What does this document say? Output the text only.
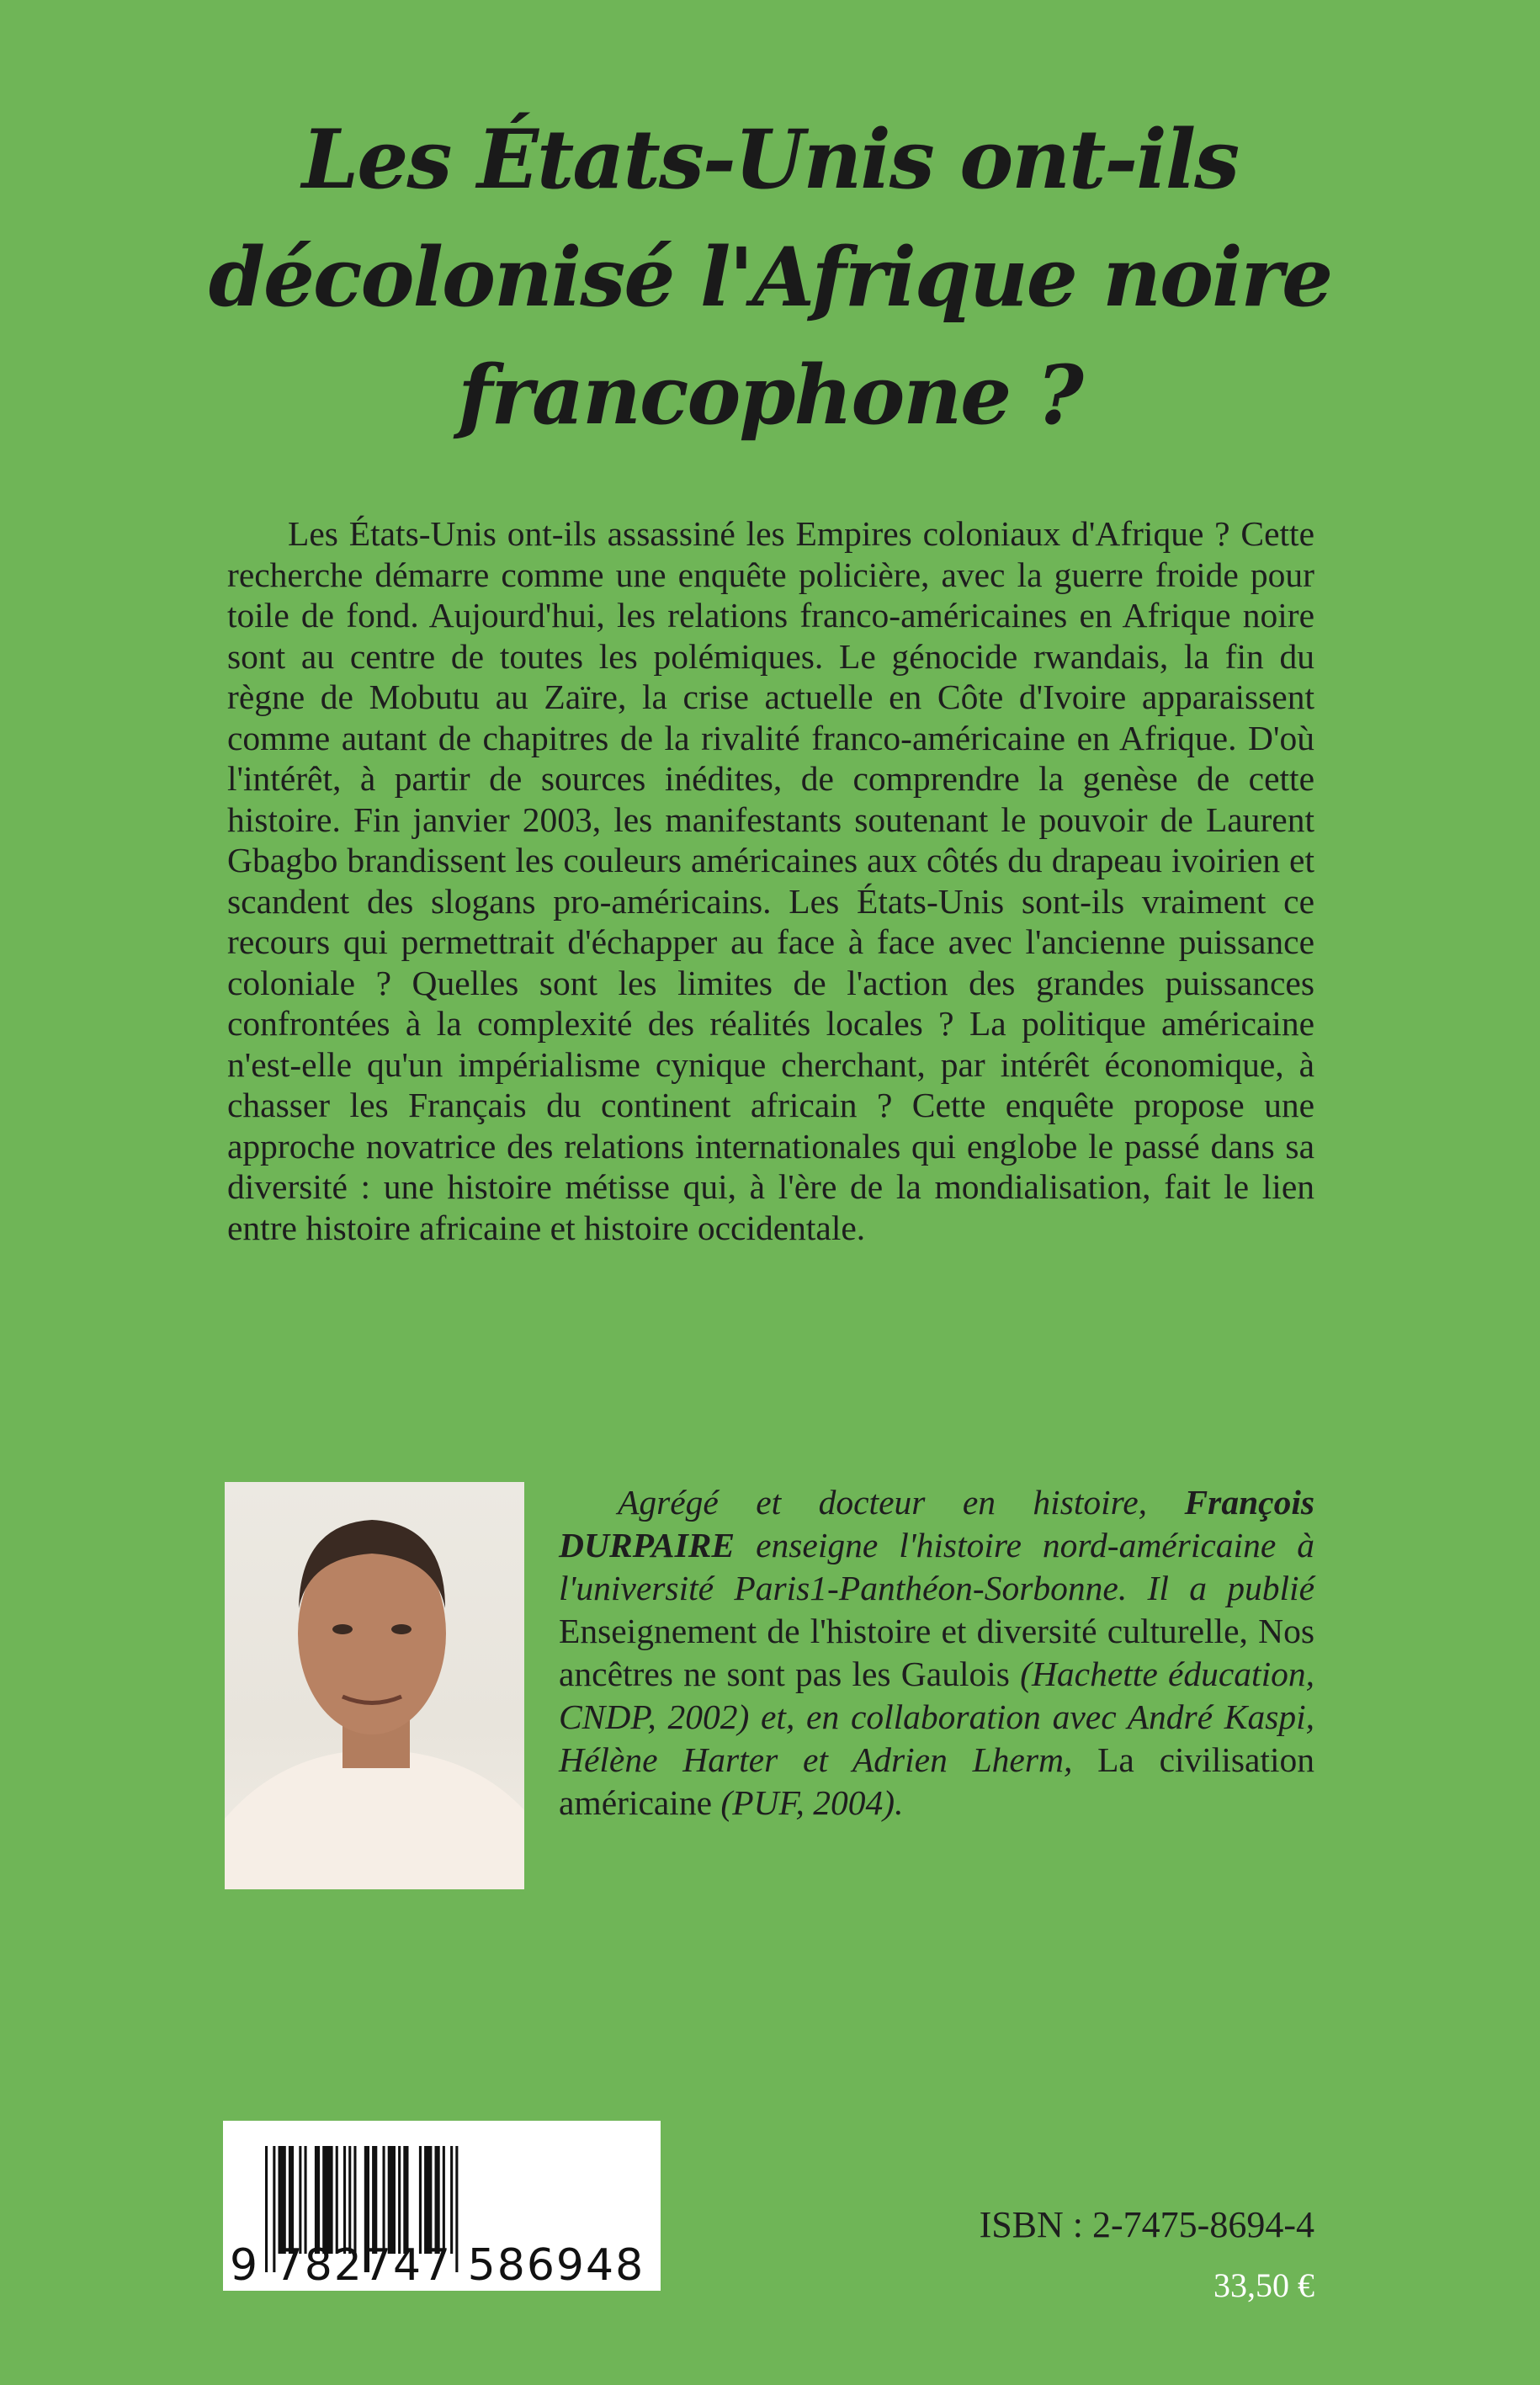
Les États-Unis ont-ils
décolonisé l'Afrique noire
francophone ?

Les États-Unis ont-ils assassiné les Empires coloniaux d'Afrique ? Cette recherche démarre comme une enquête policière, avec la guerre froide pour toile de fond. Aujourd'hui, les relations franco-américaines en Afrique noire sont au centre de toutes les polémiques. Le génocide rwandais, la fin du règne de Mobutu au Zaïre, la crise actuelle en Côte d'Ivoire apparaissent comme autant de chapitres de la rivalité franco-américaine en Afrique. D'où l'intérêt, à partir de sources inédites, de comprendre la genèse de cette histoire. Fin janvier 2003, les manifestants soutenant le pouvoir de Laurent Gbagbo brandissent les couleurs américaines aux côtés du drapeau ivoirien et scandent des slogans pro-américains. Les États-Unis sont-ils vraiment ce recours qui permettrait d'échapper au face à face avec l'ancienne puissance coloniale ? Quelles sont les limites de l'action des grandes puissances confrontées à la complexité des réalités locales ? La politique américaine n'est-elle qu'un impérialisme cynique cherchant, par intérêt économique, à chasser les Français du continent africain ? Cette enquête propose une approche novatrice des relations internationales qui englobe le passé dans sa diversité : une histoire métisse qui, à l'ère de la mondialisation, fait le lien entre histoire africaine et histoire occidentale.

Agrégé et docteur en histoire, François DURPAIRE enseigne l'histoire nord-américaine à l'université Paris1-Panthéon-Sorbonne. Il a publié Enseignement de l'histoire et diversité culturelle, Nos ancêtres ne sont pas les Gaulois (Hachette éducation, CNDP, 2002) et, en collaboration avec André Kaspi, Hélène Harter et Adrien Lherm, La civilisation américaine (PUF, 2004).

9 782747 586948
ISBN : 2-7475-8694-4
33,50 €
